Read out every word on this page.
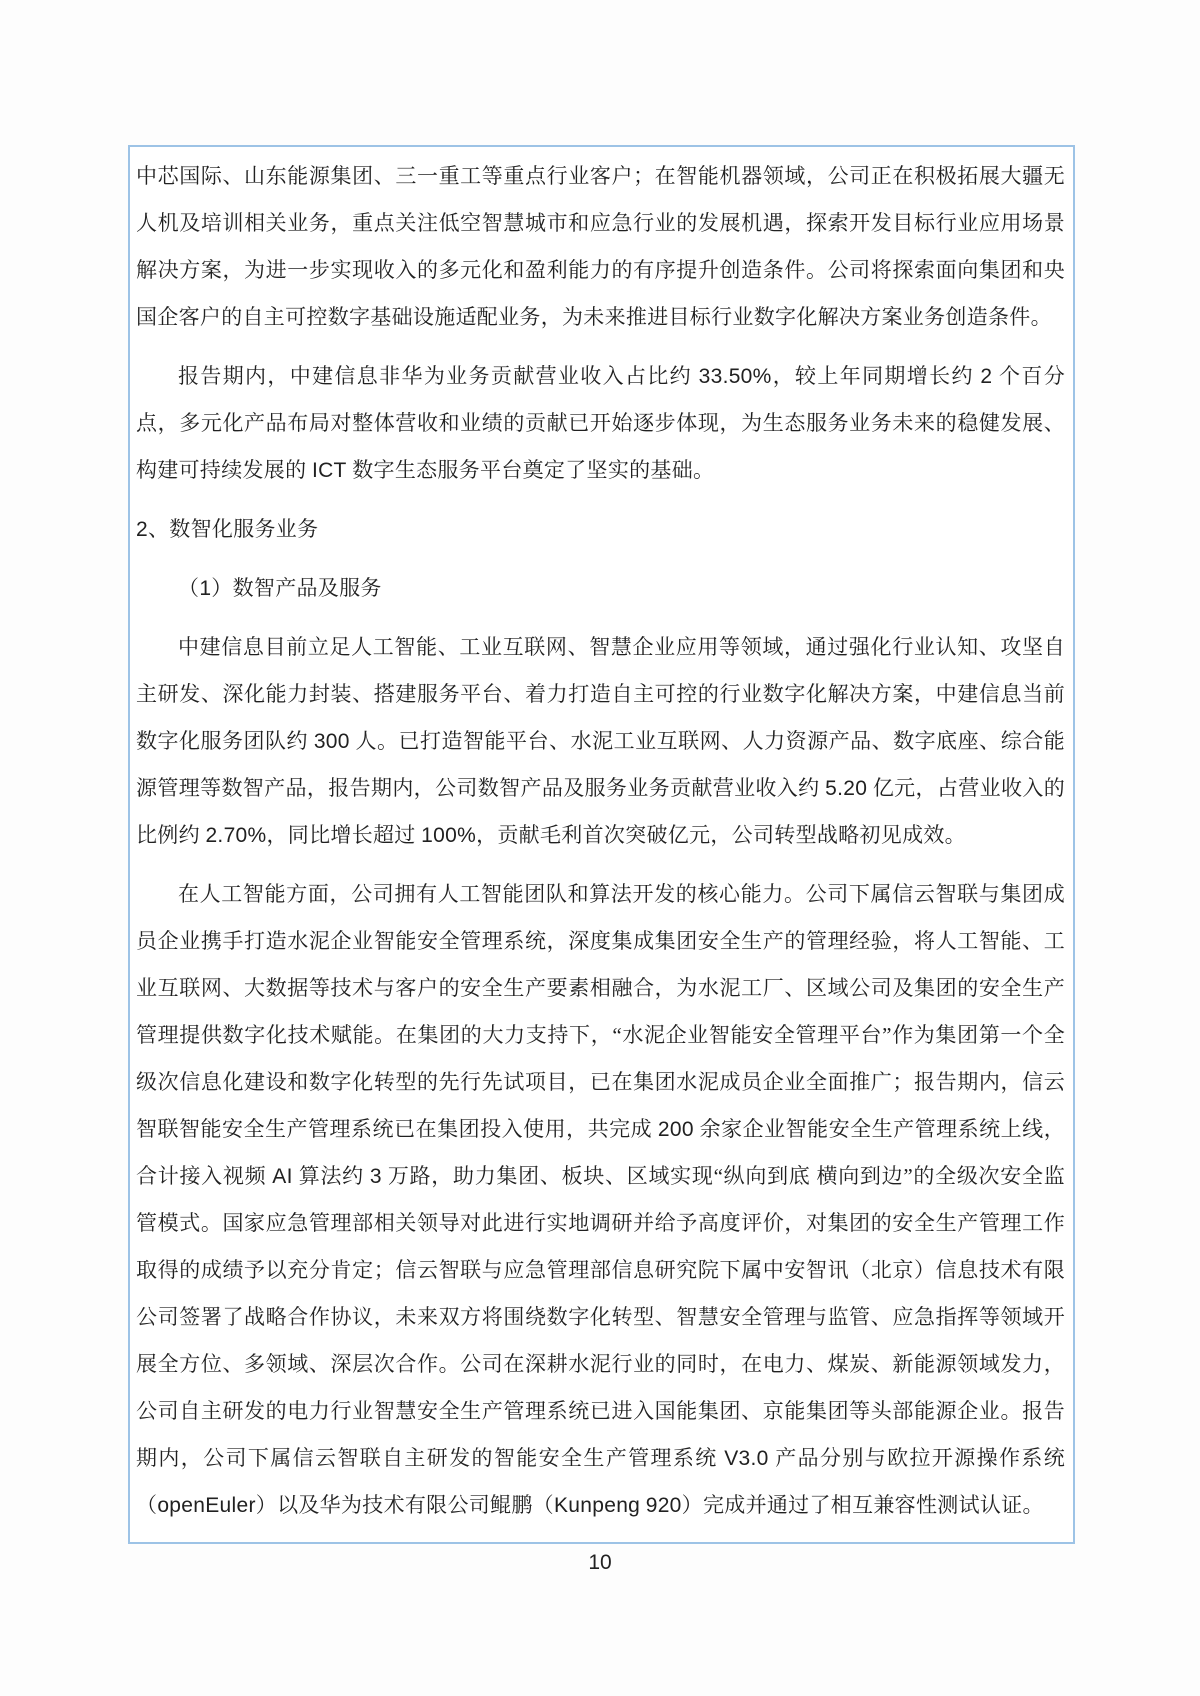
中芯国际、山东能源集团、三一重工等重点行业客户；在智能机器领域，公司正在积极拓展大疆无人机及培训相关业务，重点关注低空智慧城市和应急行业的发展机遇，探索开发目标行业应用场景解决方案，为进一步实现收入的多元化和盈利能力的有序提升创造条件。公司将探索面向集团和央国企客户的自主可控数字基础设施适配业务，为未来推进目标行业数字化解决方案业务创造条件。

报告期内，中建信息非华为业务贡献营业收入占比约 33.50%，较上年同期增长约 2 个百分点，多元化产品布局对整体营收和业绩的贡献已开始逐步体现，为生态服务业务未来的稳健发展、构建可持续发展的 ICT 数字生态服务平台奠定了坚实的基础。

2、数智化服务业务

（1）数智产品及服务

中建信息目前立足人工智能、工业互联网、智慧企业应用等领域，通过强化行业认知、攻坚自主研发、深化能力封装、搭建服务平台、着力打造自主可控的行业数字化解决方案，中建信息当前数字化服务团队约 300 人。已打造智能平台、水泥工业互联网、人力资源产品、数字底座、综合能源管理等数智产品，报告期内，公司数智产品及服务业务贡献营业收入约 5.20 亿元，占营业收入的比例约 2.70%，同比增长超过 100%，贡献毛利首次突破亿元，公司转型战略初见成效。

在人工智能方面，公司拥有人工智能团队和算法开发的核心能力。公司下属信云智联与集团成员企业携手打造水泥企业智能安全管理系统，深度集成集团安全生产的管理经验，将人工智能、工业互联网、大数据等技术与客户的安全生产要素相融合，为水泥工厂、区域公司及集团的安全生产管理提供数字化技术赋能。在集团的大力支持下，“水泥企业智能安全管理平台”作为集团第一个全级次信息化建设和数字化转型的先行先试项目，已在集团水泥成员企业全面推广；报告期内，信云智联智能安全生产管理系统已在集团投入使用，共完成 200 余家企业智能安全生产管理系统上线，合计接入视频 AI 算法约 3 万路，助力集团、板块、区域实现“纵向到底 横向到边”的全级次安全监管模式。国家应急管理部相关领导对此进行实地调研并给予高度评价，对集团的安全生产管理工作取得的成绩予以充分肯定；信云智联与应急管理部信息研究院下属中安智讯（北京）信息技术有限公司签署了战略合作协议，未来双方将围绕数字化转型、智慧安全管理与监管、应急指挥等领域开展全方位、多领域、深层次合作。公司在深耕水泥行业的同时，在电力、煤炭、新能源领域发力，公司自主研发的电力行业智慧安全生产管理系统已进入国能集团、京能集团等头部能源企业。报告期内，公司下属信云智联自主研发的智能安全生产管理系统 V3.0 产品分别与欧拉开源操作系统（openEuler）以及华为技术有限公司鲲鹏（Kunpeng 920）完成并通过了相互兼容性测试认证。

10
